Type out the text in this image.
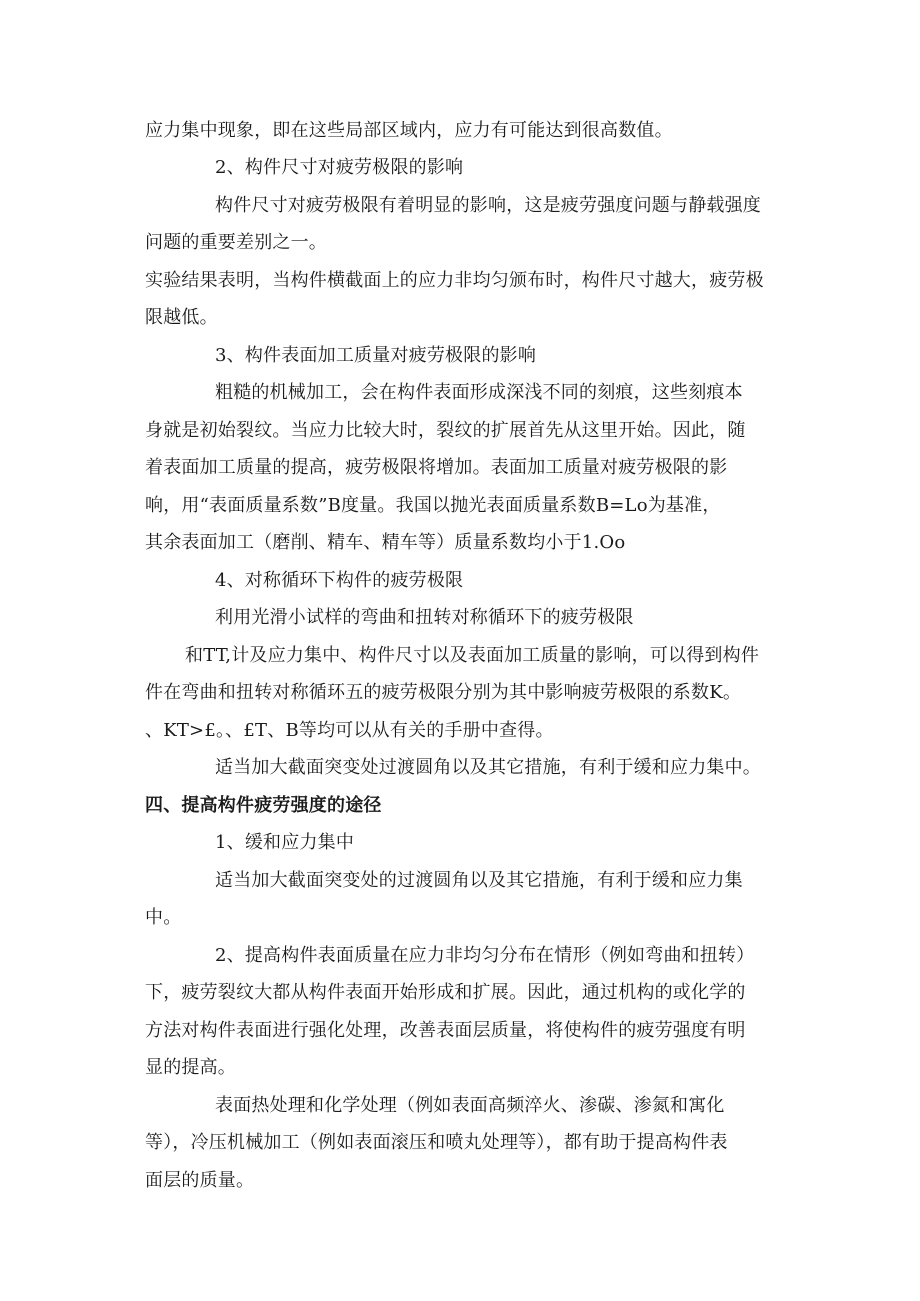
应力集中现象，即在这些局部区域内，应力有可能达到很高数值。
2、构件尺寸对疲劳极限的影响
构件尺寸对疲劳极限有着明显的影响，这是疲劳强度问题与静载强度
问题的重要差别之一。
实验结果表明，当构件横截面上的应力非均匀颁布时，构件尺寸越大，疲劳极
限越低。
3、构件表面加工质量对疲劳极限的影响
粗糙的机械加工，会在构件表面形成深浅不同的刻痕，这些刻痕本
身就是初始裂纹。当应力比较大时，裂纹的扩展首先从这里开始。因此，随
着表面加工质量的提高，疲劳极限将增加。表面加工质量对疲劳极限的影
响，用“表面质量系数”B度量。我国以抛光表面质量系数B=Lo为基准，
其余表面加工（磨削、精车、精车等）质量系数均小于1.Oo
4、对称循环下构件的疲劳极限
利用光滑小试样的弯曲和扭转对称循环下的疲劳极限
和TT,计及应力集中、构件尺寸以及表面加工质量的影响，可以得到构件
件在弯曲和扭转对称循环五的疲劳极限分别为其中影响疲劳极限的系数K。
、KT>£。、£T、B等均可以从有关的手册中查得。
适当加大截面突变处过渡圆角以及其它措施，有利于缓和应力集中。
四、提高构件疲劳强度的途径
1、缓和应力集中
适当加大截面突变处的过渡圆角以及其它措施，有利于缓和应力集
中。
2、提高构件表面质量在应力非均匀分布在情形（例如弯曲和扭转）
下，疲劳裂纹大都从构件表面开始形成和扩展。因此，通过机构的或化学的
方法对构件表面进行强化处理，改善表面层质量，将使构件的疲劳强度有明
显的提高。
表面热处理和化学处理（例如表面高频淬火、渗碳、渗氮和寓化
等），冷压机械加工（例如表面滚压和喷丸处理等），都有助于提高构件表
面层的质量。
